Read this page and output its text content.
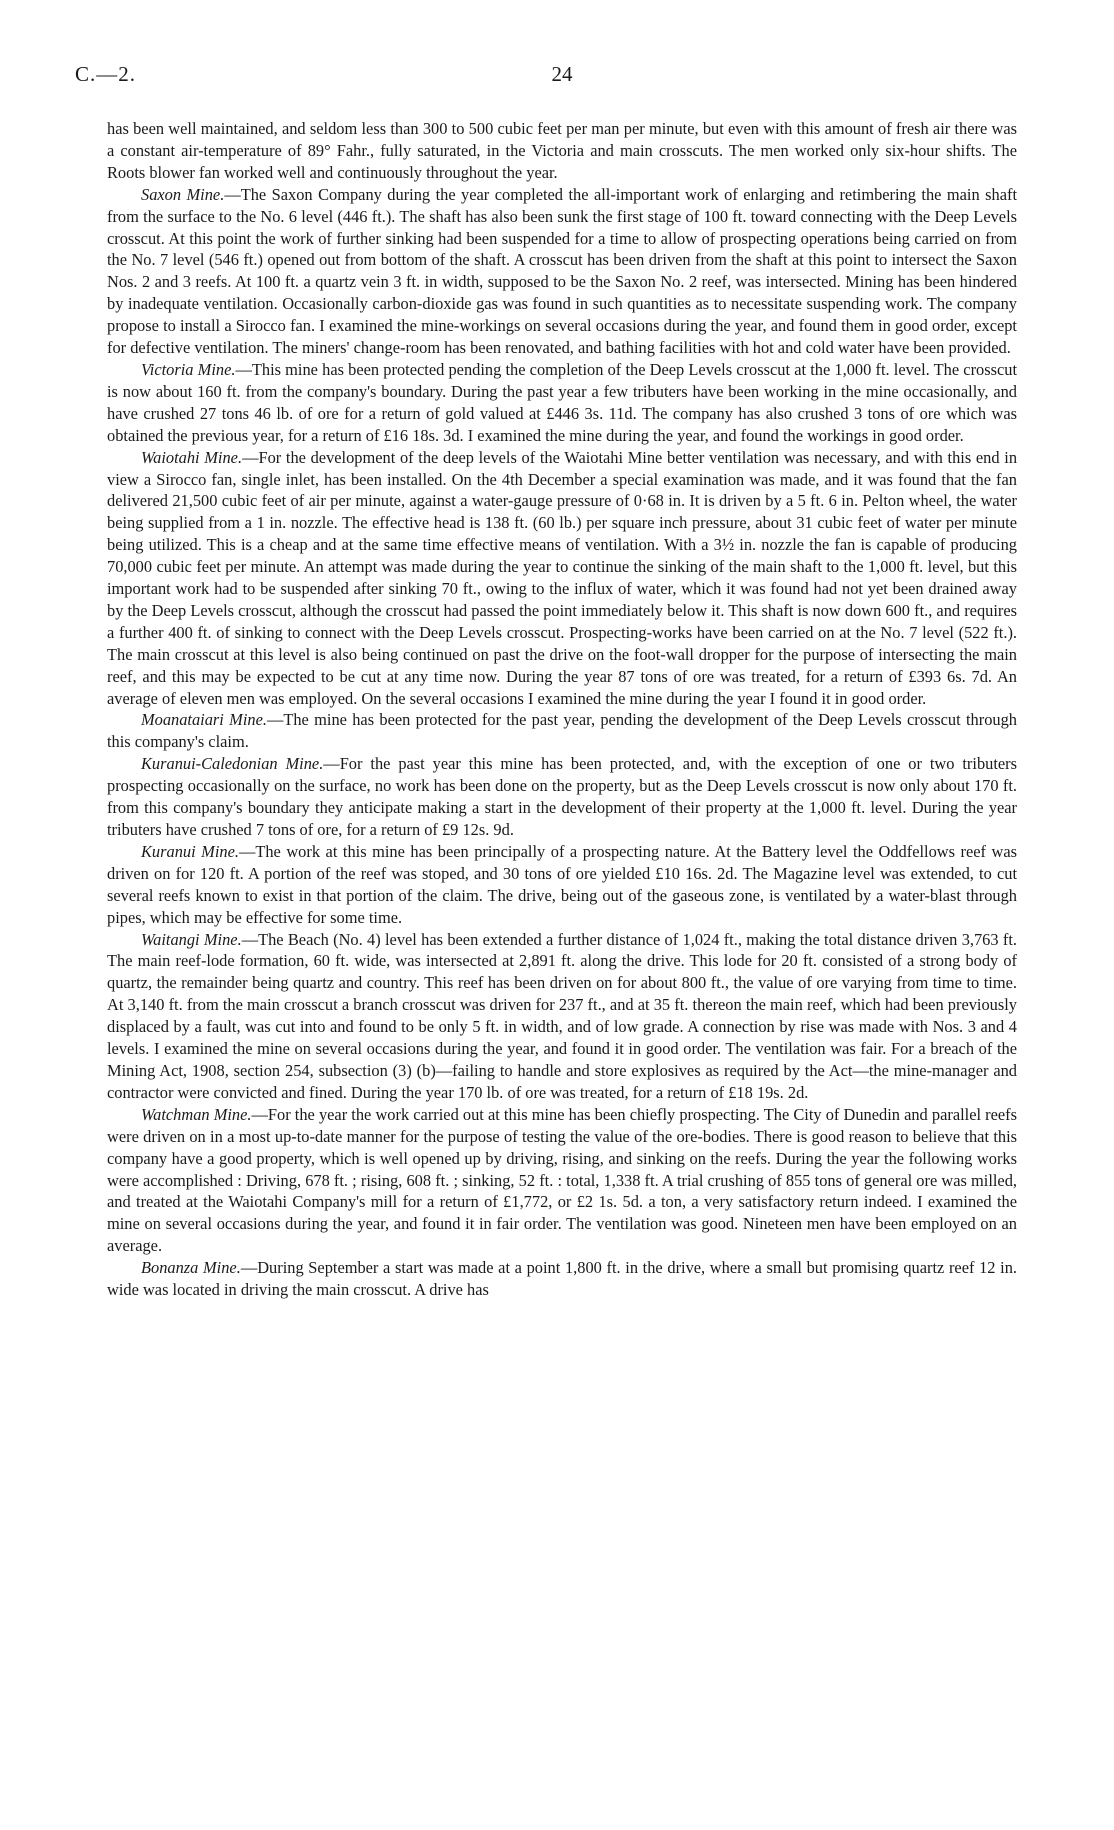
C.—2.	24

has been well maintained, and seldom less than 300 to 500 cubic feet per man per minute, but even with this amount of fresh air there was a constant air-temperature of 89° Fahr., fully saturated, in the Victoria and main crosscuts. The men worked only six-hour shifts. The Roots blower fan worked well and continuously throughout the year.

Saxon Mine.—The Saxon Company during the year completed the all-important work of enlarging and retimbering the main shaft from the surface to the No. 6 level (446 ft.). The shaft has also been sunk the first stage of 100 ft. toward connecting with the Deep Levels crosscut. At this point the work of further sinking had been suspended for a time to allow of prospecting operations being carried on from the No. 7 level (546 ft.) opened out from bottom of the shaft. A crosscut has been driven from the shaft at this point to intersect the Saxon Nos. 2 and 3 reefs. At 100 ft. a quartz vein 3 ft. in width, supposed to be the Saxon No. 2 reef, was intersected. Mining has been hindered by inadequate ventilation. Occasionally carbon-dioxide gas was found in such quantities as to necessitate suspending work. The company propose to install a Sirocco fan. I examined the mine-workings on several occasions during the year, and found them in good order, except for defective ventilation. The miners' change-room has been renovated, and bathing facilities with hot and cold water have been provided.

Victoria Mine.—This mine has been protected pending the completion of the Deep Levels crosscut at the 1,000 ft. level. The crosscut is now about 160 ft. from the company's boundary. During the past year a few tributers have been working in the mine occasionally, and have crushed 27 tons 46 lb. of ore for a return of gold valued at £446 3s. 11d. The company has also crushed 3 tons of ore which was obtained the previous year, for a return of £16 18s. 3d. I examined the mine during the year, and found the workings in good order.

Waiotahi Mine.—For the development of the deep levels of the Waiotahi Mine better ventilation was necessary, and with this end in view a Sirocco fan, single inlet, has been installed. On the 4th December a special examination was made, and it was found that the fan delivered 21,500 cubic feet of air per minute, against a water-gauge pressure of 0·68 in. It is driven by a 5 ft. 6 in. Pelton wheel, the water being supplied from a 1 in. nozzle. The effective head is 138 ft. (60 lb.) per square inch pressure, about 31 cubic feet of water per minute being utilized. This is a cheap and at the same time effective means of ventilation. With a 3½ in. nozzle the fan is capable of producing 70,000 cubic feet per minute. An attempt was made during the year to continue the sinking of the main shaft to the 1,000 ft. level, but this important work had to be suspended after sinking 70 ft., owing to the influx of water, which it was found had not yet been drained away by the Deep Levels crosscut, although the crosscut had passed the point immediately below it. This shaft is now down 600 ft., and requires a further 400 ft. of sinking to connect with the Deep Levels crosscut. Prospecting-works have been carried on at the No. 7 level (522 ft.). The main crosscut at this level is also being continued on past the drive on the foot-wall dropper for the purpose of intersecting the main reef, and this may be expected to be cut at any time now. During the year 87 tons of ore was treated, for a return of £393 6s. 7d. An average of eleven men was employed. On the several occasions I examined the mine during the year I found it in good order.

Moanataiari Mine.—The mine has been protected for the past year, pending the development of the Deep Levels crosscut through this company's claim.

Kuranui-Caledonian Mine.—For the past year this mine has been protected, and, with the exception of one or two tributers prospecting occasionally on the surface, no work has been done on the property, but as the Deep Levels crosscut is now only about 170 ft. from this company's boundary they anticipate making a start in the development of their property at the 1,000 ft. level. During the year tributers have crushed 7 tons of ore, for a return of £9 12s. 9d.

Kuranui Mine.—The work at this mine has been principally of a prospecting nature. At the Battery level the Oddfellows reef was driven on for 120 ft. A portion of the reef was stoped, and 30 tons of ore yielded £10 16s. 2d. The Magazine level was extended, to cut several reefs known to exist in that portion of the claim. The drive, being out of the gaseous zone, is ventilated by a water-blast through pipes, which may be effective for some time.

Waitangi Mine.—The Beach (No. 4) level has been extended a further distance of 1,024 ft., making the total distance driven 3,763 ft. The main reef-lode formation, 60 ft. wide, was intersected at 2,891 ft. along the drive. This lode for 20 ft. consisted of a strong body of quartz, the remainder being quartz and country. This reef has been driven on for about 800 ft., the value of ore varying from time to time. At 3,140 ft. from the main crosscut a branch crosscut was driven for 237 ft., and at 35 ft. thereon the main reef, which had been previously displaced by a fault, was cut into and found to be only 5 ft. in width, and of low grade. A connection by rise was made with Nos. 3 and 4 levels. I examined the mine on several occasions during the year, and found it in good order. The ventilation was fair. For a breach of the Mining Act, 1908, section 254, subsection (3) (b)—failing to handle and store explosives as required by the Act—the mine-manager and contractor were convicted and fined. During the year 170 lb. of ore was treated, for a return of £18 19s. 2d.

Watchman Mine.—For the year the work carried out at this mine has been chiefly prospecting. The City of Dunedin and parallel reefs were driven on in a most up-to-date manner for the purpose of testing the value of the ore-bodies. There is good reason to believe that this company have a good property, which is well opened up by driving, rising, and sinking on the reefs. During the year the following works were accomplished : Driving, 678 ft. ; rising, 608 ft. ; sinking, 52 ft. : total, 1,338 ft. A trial crushing of 855 tons of general ore was milled, and treated at the Waiotahi Company's mill for a return of £1,772, or £2 1s. 5d. a ton, a very satisfactory return indeed. I examined the mine on several occasions during the year, and found it in fair order. The ventilation was good. Nineteen men have been employed on an average.

Bonanza Mine.—During September a start was made at a point 1,800 ft. in the drive, where a small but promising quartz reef 12 in. wide was located in driving the main crosscut. A drive has
